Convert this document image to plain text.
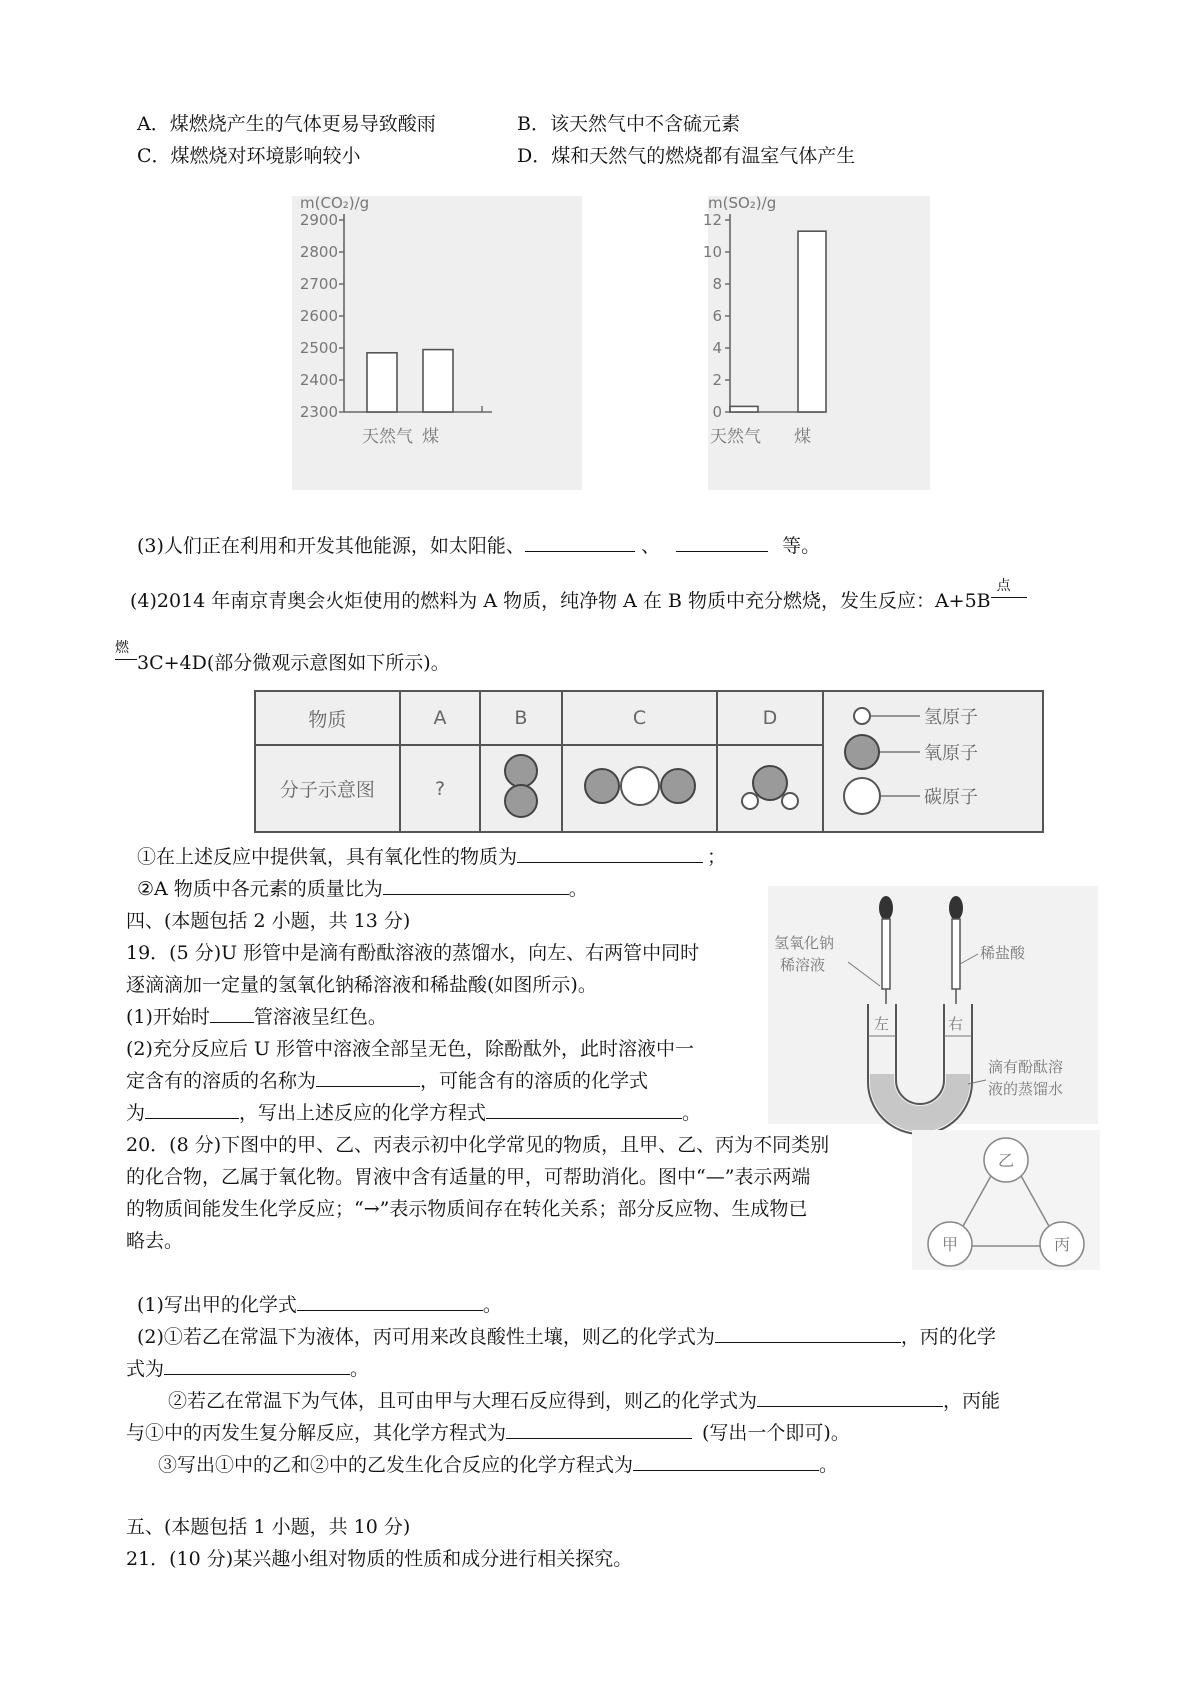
A．煤燃烧产生的气体更易导致酸雨	B．该天然气中不含硫元素
C．煤燃烧对环境影响较小	D．煤和天然气的燃烧都有温室气体产生
m(CO₂)/g
2900
2800
2700
2600
2500
2400
2300
天然气 煤
m(SO₂)/g
12
10
8
6
4
2
0
天然气 煤
(3)人们正在利用和开发其他能源，如太阳能、	、	等。
(4)2014 年南京青奥会火炬使用的燃料为 A 物质，纯净物 A 在 B 物质中充分燃烧，发生反应：A+5B
点
燃
3C+4D(部分微观示意图如下所示)。
物质	A	B	C	D	氢原子
氧原子
碳原子

分子示意图	?			
①在上述反应中提供氧，具有氧化性的物质为	；
②A 物质中各元素的质量比为	。
四、(本题包括 2 小题，共 13 分)
19．(5 分)U 形管中是滴有酚酞溶液的蒸馏水，向左、右两管中同时
逐滴滴加一定量的氢氧化钠稀溶液和稀盐酸(如图所示)。
(1)开始时 管溶液呈红色。
(2)充分反应后 U 形管中溶液全部呈无色，除酚酞外，此时溶液中一
定含有的溶质的名称为	，可能含有的溶质的化学式
为	，写出上述反应的化学方程式	。
左	右
氢氧化钠
稀溶液
稀盐酸
滴有酚酞溶
液的蒸馏水
20．(8 分)下图中的甲、乙、丙表示初中化学常见的物质，且甲、乙、丙为不同类别
的化合物，乙属于氧化物。胃液中含有适量的甲，可帮助消化。图中“—”表示两端
的物质间能发生化学反应；“→”表示物质间存在转化关系；部分反应物、生成物已
略去。
乙
甲	丙
(1)写出甲的化学式	。
(2)①若乙在常温下为液体，丙可用来改良酸性土壤，则乙的化学式为	，丙的化学
式为	。
②若乙在常温下为气体，且可由甲与大理石反应得到，则乙的化学式为	，丙能
与①中的丙发生复分解反应，其化学方程式为	(写出一个即可)。
③写出①中的乙和②中的乙发生化合反应的化学方程式为	。
五、(本题包括 1 小题，共 10 分)
21．(10 分)某兴趣小组对物质的性质和成分进行相关探究。
